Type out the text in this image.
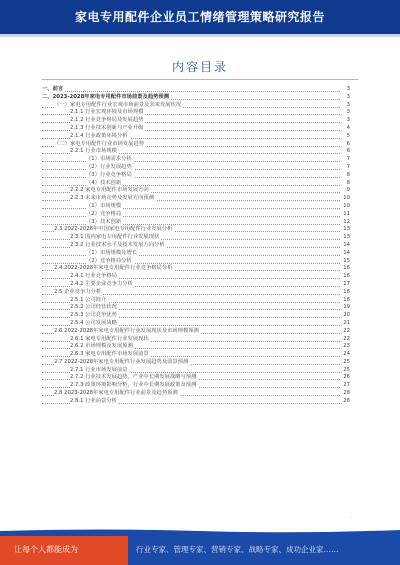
家电专用配件企业员工情绪管理策略研究报告
内容目录
一、前言	3
二、2023-2028年家电专用配件市场前景及趋势预测	3
（一）家电专用配件行业宏观市场前景及未来发展状况	3
2.1.1 行业宏观环境及市场规模	3
2.1.2 行业竞争格局及发展趋势	3
2.1.3 行业技术创新与产业升级	4
2.1.4 行业政策环境分析	5
（二）家电专用配件行业市场发展趋势	6
2.2.1 行业市场规模	6
（1）市场需求分析	7
（2）行业发展趋势	7
（3）行业竞争格局	8
（4）技术创新	8
2.2.2 家电专用配件市场发展方向	9
2.2.3 未来市场走势及发展方向预测	10
（1）市场规模	10
（2）竞争格局	11
（3）技术创新	12
2.3 2022-2028年中国家电专用配件行业发展分析	13
2.3.1 国内家电专用配件行业发展现状	13
2.3.2 行业技术水平及技术发展方向分析	14
（1）市场规模及增长	14
（2）竞争格局分析	15
2.4 2022-2028年家电专用配件行业竞争格局分析	16
2.4.1 行业竞争格局	16
2.4.2 主要企业竞争力分析	17
2.5 企业竞争力分析	18
2.5.1 公司简介	18
2.5.2 公司经营状况	19
2.5.3 公司竞争优势	20
2.5.4 公司发展战略	21
2.6 2022-2028年家电专用配件行业发展现状及市场规模预测	22
2.6.1 家电专用配件行业发展现状	22
2.6.2 市场规模及发展预测	23
2.6.3 家电专用配件市场发展前景	24
2.7 2022-2028年家电专用配件行业发展趋势及前景预测	25
2.7.1 行业市场发展前景	25
2.7.2 行业技术发展趋势，产业中长期发展战略与预测	26
2.7.3 政策环境影响分析，行业中长期发展政策及预测	27
2.8 2023-2028年家电专用配件行业前景及趋势预测	28
2.8.1 行业前景分析	28
·
让每个人都能成为	行业专家、管理专家、营销专家、战略专家、成功企业家……
